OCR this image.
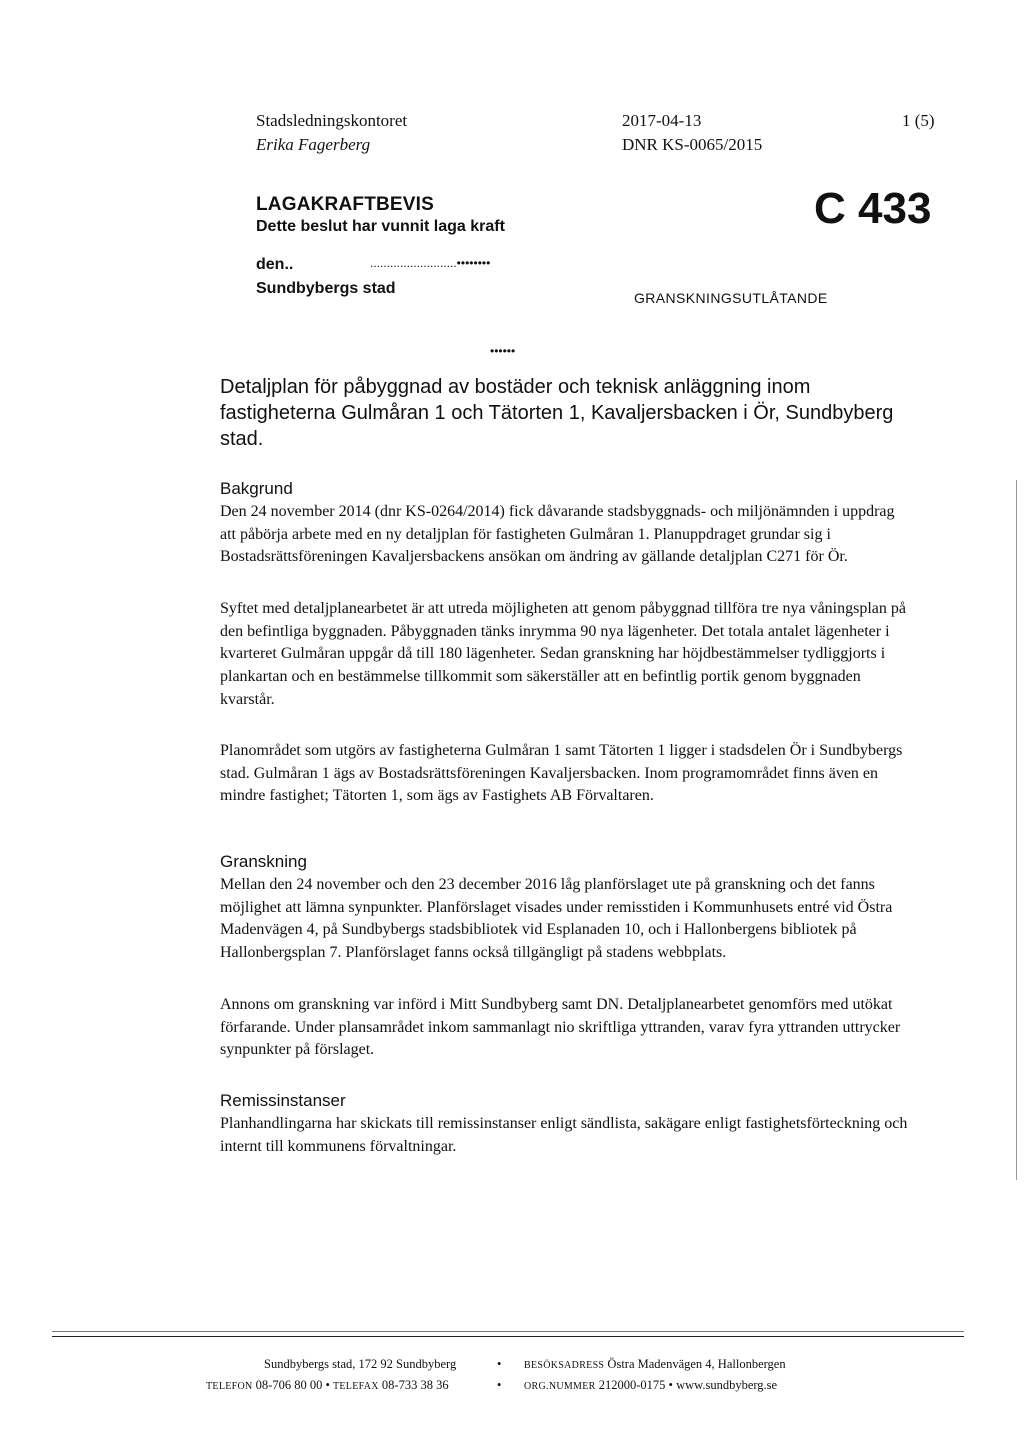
Stadsledningskontoret
Erika Fagerberg
2017-04-13
DNR KS-0065/2015
1 (5)
LAGAKRAFTBEVIS
Dette beslut har vunnit laga kraft
den..	..........................••••••••
Sundbybergs stad
••••••
C 433
GRANSKNINGSUTLÅTANDE
Detaljplan för påbyggnad av bostäder och teknisk anläggning inom fastigheterna Gulmåran 1 och Tätorten 1, Kavaljersbacken i Ör, Sundbyberg stad.
Bakgrund

Den 24 november 2014 (dnr KS-0264/2014) fick dåvarande stadsbyggnads- och miljönämnden i uppdrag att påbörja arbete med en ny detaljplan för fastigheten Gulmåran 1. Planuppdraget grundar sig i Bostadsrättsföreningen Kavaljersbackens ansökan om ändring av gällande detaljplan C271 för Ör.

Syftet med detaljplanearbetet är att utreda möjligheten att genom påbyggnad tillföra tre nya våningsplan på den befintliga byggnaden. Påbyggnaden tänks inrymma 90 nya lägenheter. Det totala antalet lägenheter i kvarteret Gulmåran uppgår då till 180 lägenheter. Sedan granskning har höjdbestämmelser tydliggjorts i plankartan och en bestämmelse tillkommit som säkerställer att en befintlig portik genom byggnaden kvarstår.

Planområdet som utgörs av fastigheterna Gulmåran 1 samt Tätorten 1 ligger i stadsdelen Ör i Sundbybergs stad. Gulmåran 1 ägs av Bostadsrättsföreningen Kavaljersbacken. Inom programområdet finns även en mindre fastighet; Tätorten 1, som ägs av Fastighets AB Förvaltaren.

Granskning

Mellan den 24 november och den 23 december 2016 låg planförslaget ute på granskning och det fanns möjlighet att lämna synpunkter. Planförslaget visades under remisstiden i Kommunhusets entré vid Östra Madenvägen 4, på Sundbybergs stadsbibliotek vid Esplanaden 10, och i Hallonbergens bibliotek på Hallonbergsplan 7. Planförslaget fanns också tillgängligt på stadens webbplats.

Annons om granskning var införd i Mitt Sundbyberg samt DN. Detaljplanearbetet genomförs med utökat förfarande. Under plansamrådet inkom sammanlagt nio skriftliga yttranden, varav fyra yttranden uttrycker synpunkter på förslaget.

Remissinstanser

Planhandlingarna har skickats till remissinstanser enligt sändlista, sakägare enligt fastighetsförteckning och internt till kommunens förvaltningar.

Sundbybergs stad, 172 92 Sundbyberg	• BESÖKSADRESS Östra Madenvägen 4, Hallonbergen
TELEFON 08-706 80 00 • TELEFAX 08-733 38 36	• ORG.NUMMER 212000-0175 • www.sundbyberg.se
